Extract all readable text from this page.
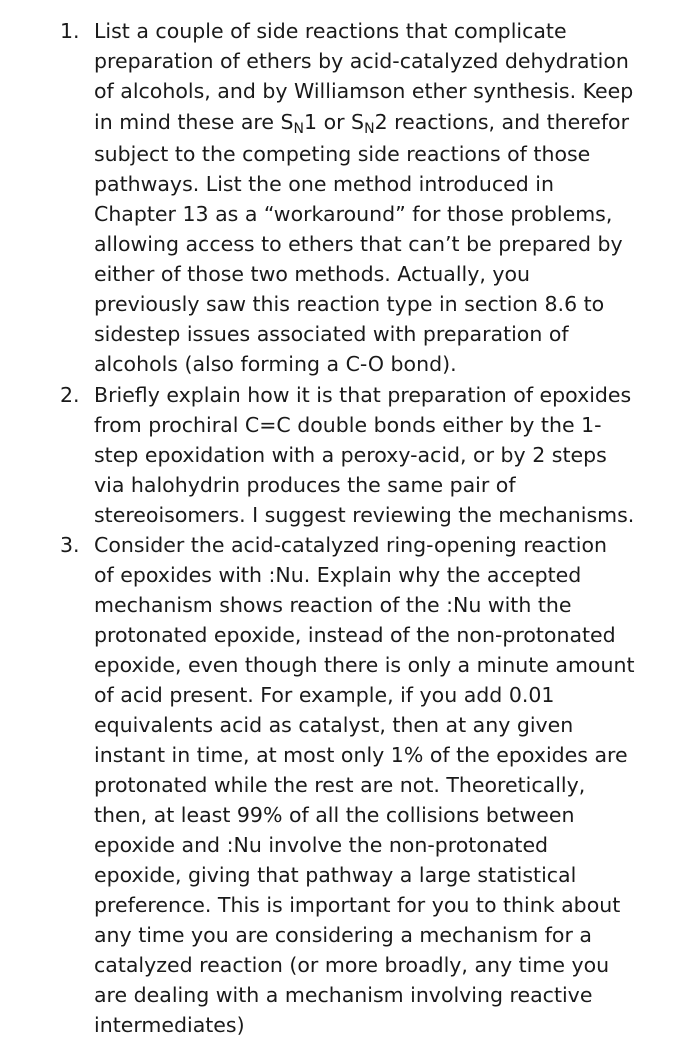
1. List a couple of side reactions that complicate
preparation of ethers by acid-catalyzed dehydration
of alcohols, and by Williamson ether synthesis. Keep
in mind these are $S_N1$ or $S_N2$ reactions, and therefor
subject to the competing side reactions of those
pathways. List the one method introduced in
Chapter 13 as a “workaround” for those problems,
allowing access to ethers that can’t be prepared by
either of those two methods. Actually, you
previously saw this reaction type in section 8.6 to
sidestep issues associated with preparation of
alcohols (also forming a C-O bond).
2. Briefly explain how it is that preparation of epoxides
from prochiral C=C double bonds either by the 1-
step epoxidation with a peroxy-acid, or by 2 steps
via halohydrin produces the same pair of
stereoisomers. I suggest reviewing the mechanisms.
3. Consider the acid-catalyzed ring-opening reaction
of epoxides with :Nu. Explain why the accepted
mechanism shows reaction of the :Nu with the
protonated epoxide, instead of the non-protonated
epoxide, even though there is only a minute amount
of acid present. For example, if you add 0.01
equivalents acid as catalyst, then at any given
instant in time, at most only 1% of the epoxides are
protonated while the rest are not. Theoretically,
then, at least 99% of all the collisions between
epoxide and :Nu involve the non-protonated
epoxide, giving that pathway a large statistical
preference. This is important for you to think about
any time you are considering a mechanism for a
catalyzed reaction (or more broadly, any time you
are dealing with a mechanism involving reactive
intermediates)
